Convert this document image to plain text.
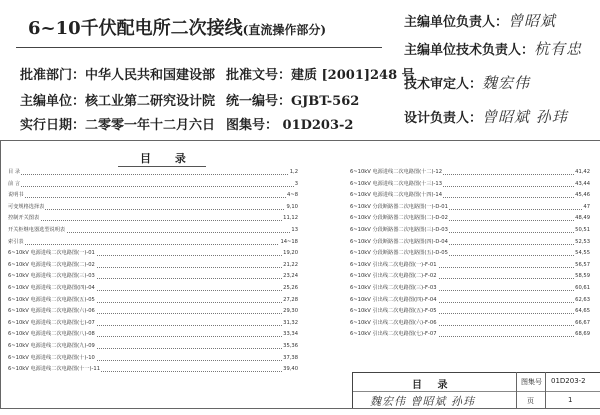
6~10千伏配电所二次接线(直流操作部分)
批准部门：中华人民共和国建设部 批准文号：建质 [2001]248 号
主编单位：核工业第二研究设计院 统一编号：GJBT-562
实行日期：二零零一年十二月六日 图集号： 01D203-2
主编单位负责人：曾昭斌
主编单位技术负责人：杭有忠
技术审定人：魏宏伟
设计负责人：曾昭斌 孙玮
目 录
目 录	1,2
前 言	3
说明书	4~8
可变规格选择表	9,10
控制开关图表	11,12
开关柜继电器选型说明表	13
索引表	14~18
6~10kV 电源进线二次电路图(一)-01	19,20
6~10kV 电源进线二次电路图(二)-02	21,22
6~10kV 电源进线二次电路图(三)-03	23,24
6~10kV 电源进线二次电路图(四)-04	25,26
6~10kV 电源进线二次电路图(五)-05	27,28
6~10kV 电源进线二次电路图(六)-06	29,30
6~10kV 电源进线二次电路图(七)-07	31,32
6~10kV 电源进线二次电路图(八)-08	33,34
6~10kV 电源进线二次电路图(九)-09	35,36
6~10kV 电源进线二次电路图(十)-10	37,38
6~10kV 电源进线二次电路图(十一)-11	39,40
6~10kV 电源进线二次电路图(十二)-12	41,42
6~10kV 电源进线二次电路图(十三)-13	43,44
6~10kV 电源进线二次电路图(十四)-14	45,46
6~10kV 分段断路器二次电路图(一)-D-01	47
6~10kV 分段断路器二次电路图(二)-D-02	48,49
6~10kV 分段断路器二次电路图(三)-D-03	50,51
6~10kV 分段断路器二次电路图(四)-D-04	52,53
6~10kV 分段断路器二次电路图(五)-D-05	54,55
6~10kV 引出线二次电路图(一)-F-01	56,57
6~10kV 引出线二次电路图(二)-F-02	58,59
6~10kV 引出线二次电路图(三)-F-03	60,61
6~10kV 引出线二次电路图(四)-F-04	62,63
6~10kV 引出线二次电路图(五)-F-05	64,65
6~10kV 引出线二次电路图(六)-F-06	66,67
6~10kV 引出线二次电路图(七)-F-07	68,69
目 录	图集号 01D203-2
页	1
魏宏伟 曾昭斌 孙玮
